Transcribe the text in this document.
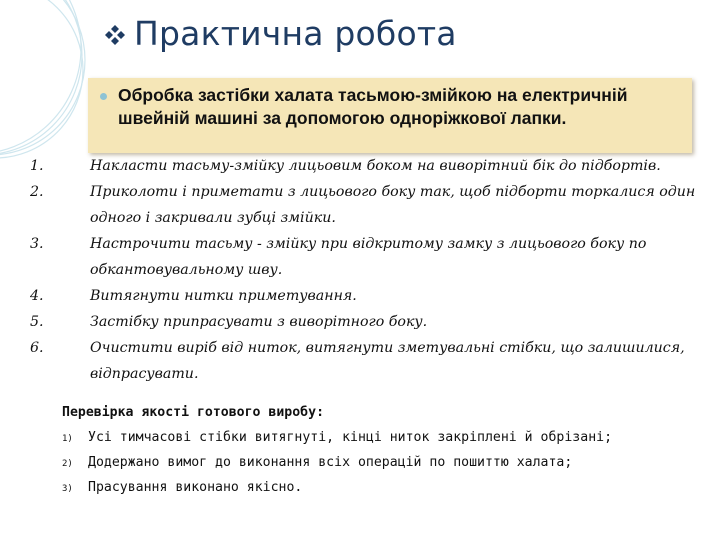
Практична робота
Обробка застібки халата тасьмою-змійкою на електричній швейній машині за допомогою одноріжкової лапки.
1.	Накласти тасьму-змійку лицьовим боком на виворітний бік до підбортів.
2.	Приколоти і приметати з лицьового боку так, щоб підборти торкалися один одного і закривали зубці змійки.
3.	Настрочити тасьму - змійку при відкритому замку з лицьового боку по обкантовувальному шву.
4.	Витягнути нитки приметування.
5.	Застібку припрасувати з виворітного боку.
6.	Очистити виріб від ниток, витягнути зметувальні стібки, що залишилися, відпрасувати.
Перевірка якості готового виробу:
1)	Усі тимчасові стібки витягнуті, кінці ниток закріплені й обрізані;
2)	Додержано вимог до виконання всіх операцій по пошиттю халата;
3)	Прасування виконано якісно.
